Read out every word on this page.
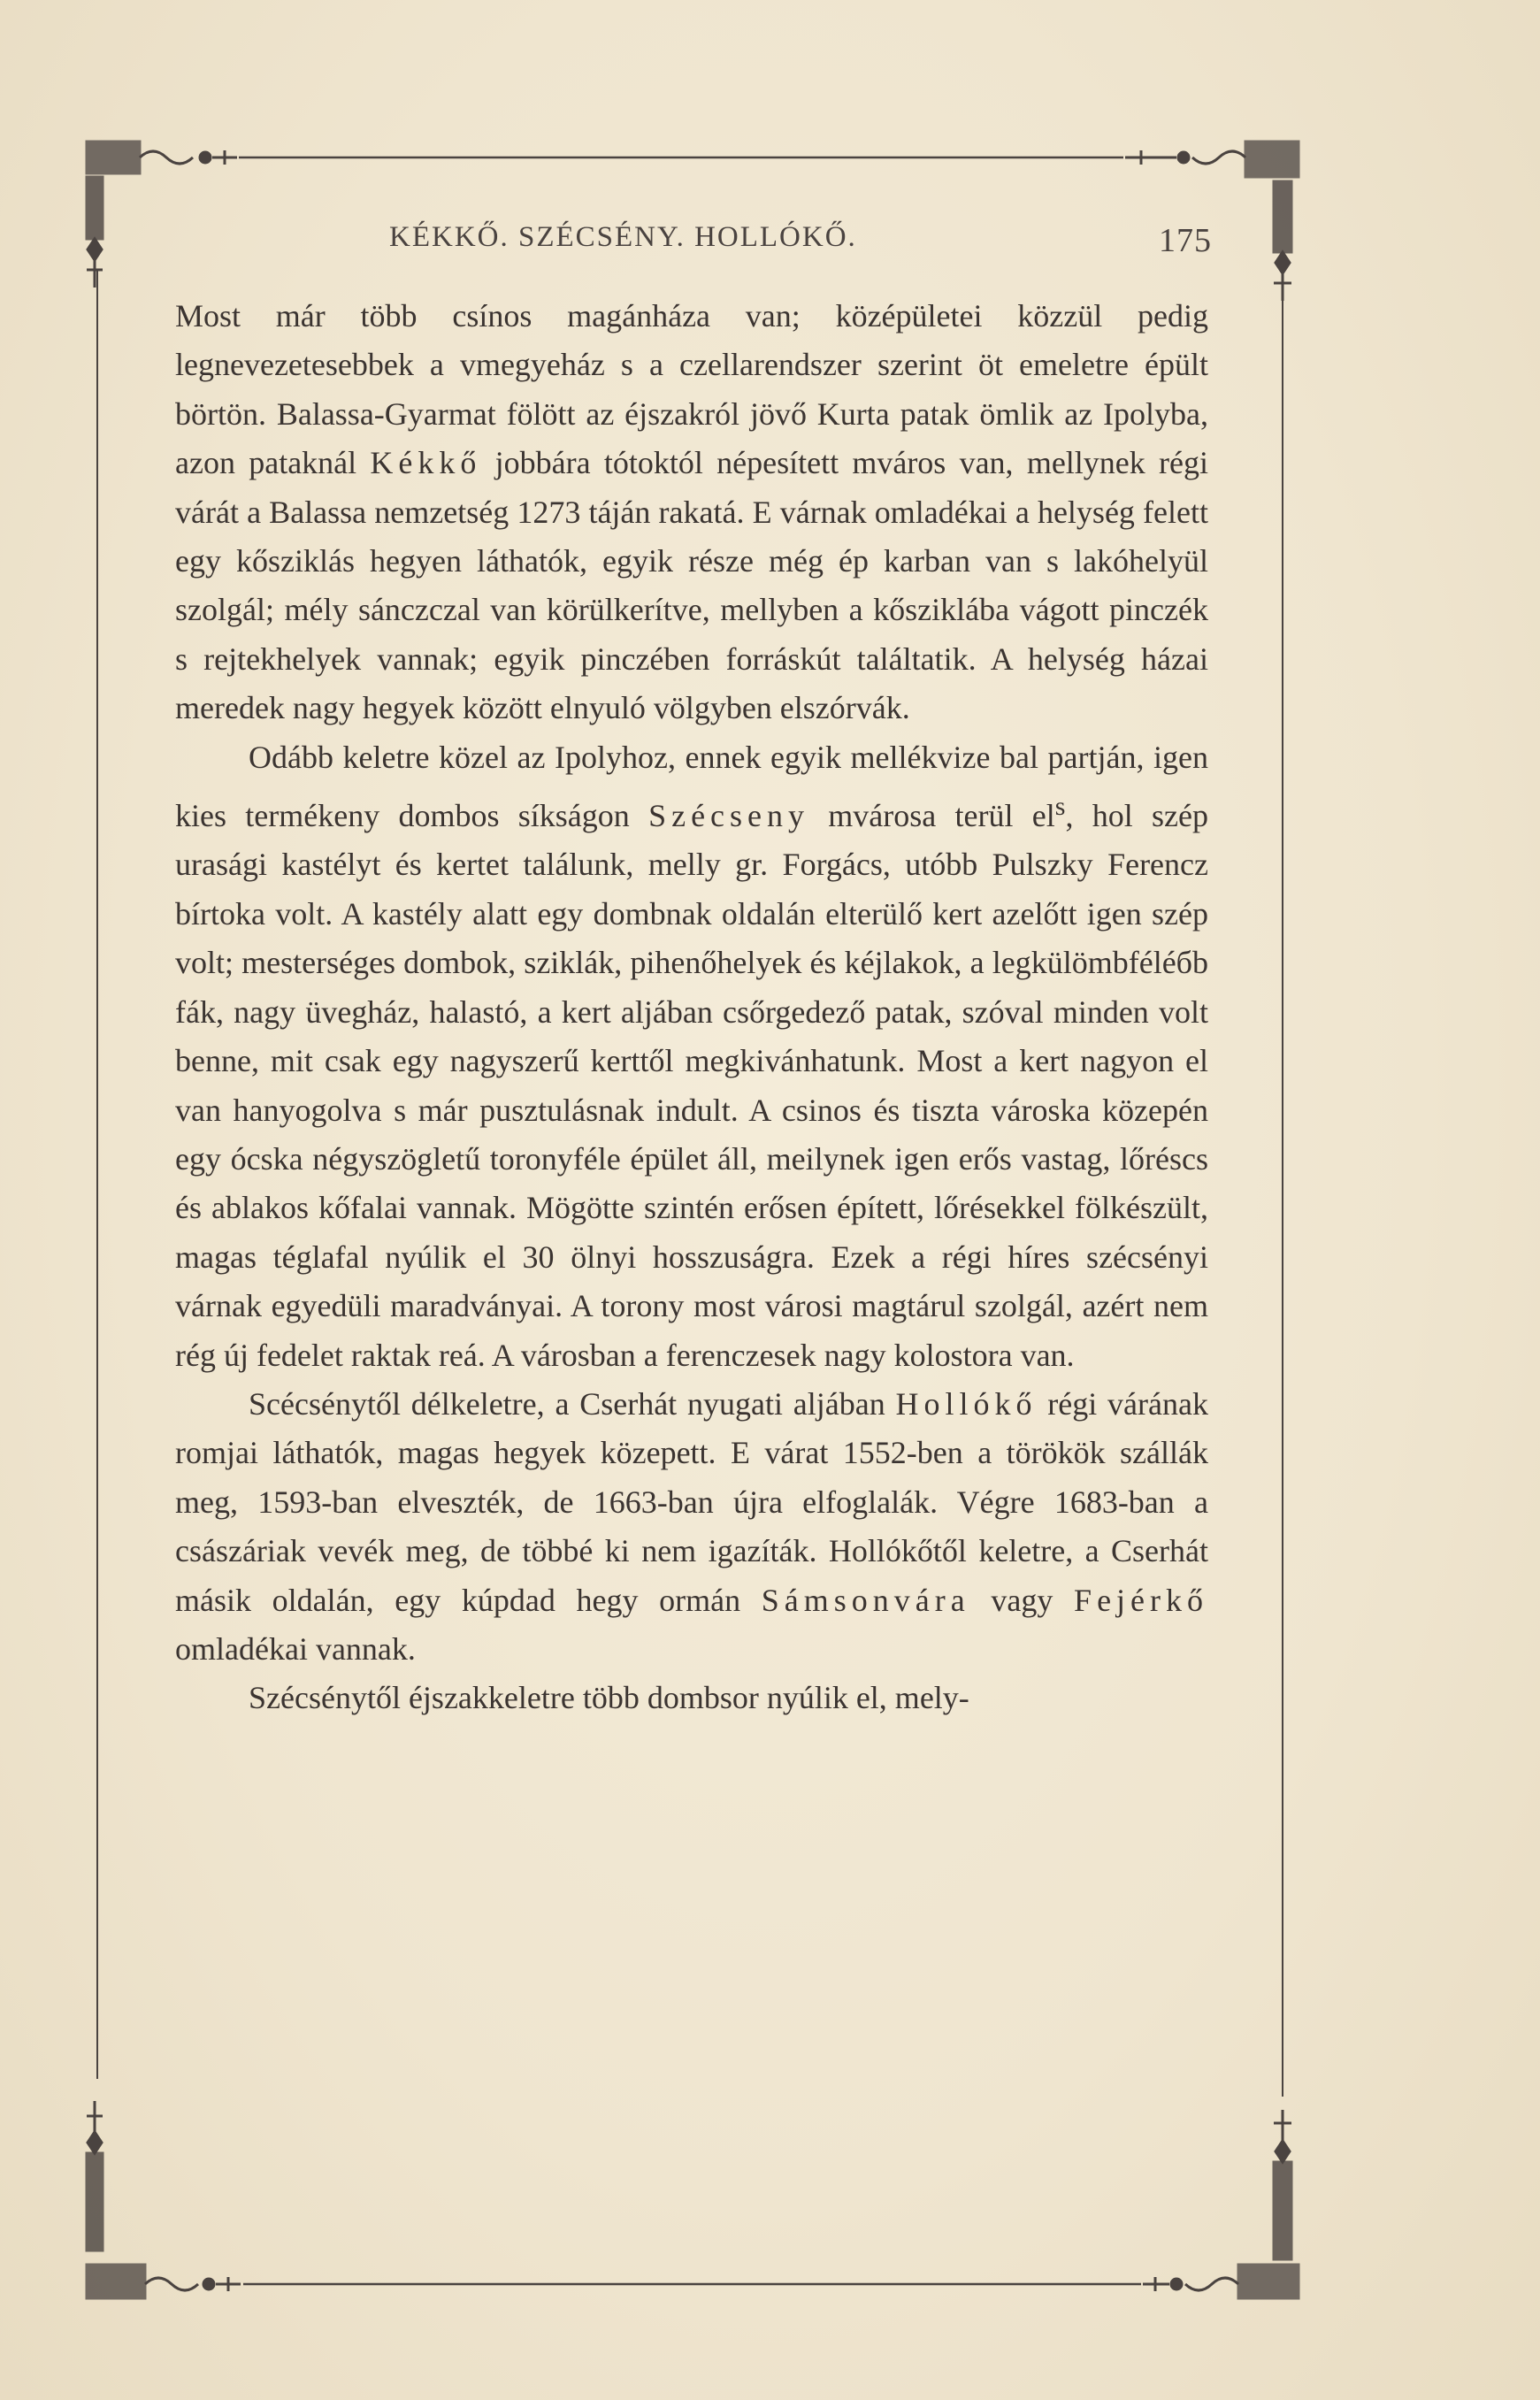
KÉKKŐ. SZÉCSÉNY. HOLLÓKŐ.	175

Most már több csínos magánháza van; középületei közzül pedig legnevezetesebbek a vmegyeház s a czellarendszer szerint öt emeletre épült börtön. Balassa-Gyarmat fölött az éjszakról jövő Kurta patak ömlik az Ipolyba, azon pataknál Kékkő jobbára tótoktól népesített mváros van, mellynek régi várát a Balassa nemzetség 1273 táján rakatá. E várnak omladékai a helység felett egy kősziklás hegyen láthatók, egyik része még ép karban van s lakóhelyül szolgál; mély sánczczal van körülkerítve, mellyben a kősziklába vágott pinczék s rejtekhelyek vannak; egyik pinczében forráskút találtatik. A helység házai meredek nagy hegyek között elnyuló völgyben elszórvák.

Odább keletre közel az Ipolyhoz, ennek egyik mellékvize bal partján, igen kies termékeny dombos síkságon Szécseny mvárosa terül $el^s$, hol szép urasági kastélyt és kertet találunk, melly gr. Forgács, utóbb Pulszky Ferencz bírtoka volt. A kastély alatt egy dombnak oldalán elterülő kert azelőtt igen szép volt; mesterséges dombok, sziklák, pihenőhelyek és kéjlakok, a legkülömbféléбb fák, nagy üvegház, halastó, a kert aljában csőrgedező patak, szóval minden volt benne, mit csak egy nagyszerű kerttől megkivánhatunk. Most a kert nagyon el van hanyogolva s már pusztulásnak indult. A csinos és tiszta városka közepén egy ócska négyszögletű toronyféle épület áll, meilynek igen erős vastag, lőréscs és ablakos kőfalai vannak. Mögötte szintén erősen épített, lőrésekkel fölkészült, magas téglafal nyúlik el 30 ölnyi hosszuságra. Ezek a régi híres szécsényi várnak egyedüli maradványai. A torony most városi magtárul szolgál, azért nem rég új fedelet raktak reá. A városban a ferenczesek nagy kolostora van.

Scécsénytől délkeletre, a Cserhát nyugati aljában Hollókő régi várának romjai láthatók, magas hegyek közepett. E várat 1552-ben a törökök szállák meg, 1593-ban elveszték, de 1663-ban újra elfoglalák. Végre 1683-ban a császáriak vevék meg, de többé ki nem igazíták. Hollókőtől keletre, a Cserhát másik oldalán, egy kúpdad hegy ormán Sámsonvára vagy Fejérkő omladékai vannak.

Szécsénytől éjszakkeletre több dombsor nyúlik el, mely-
